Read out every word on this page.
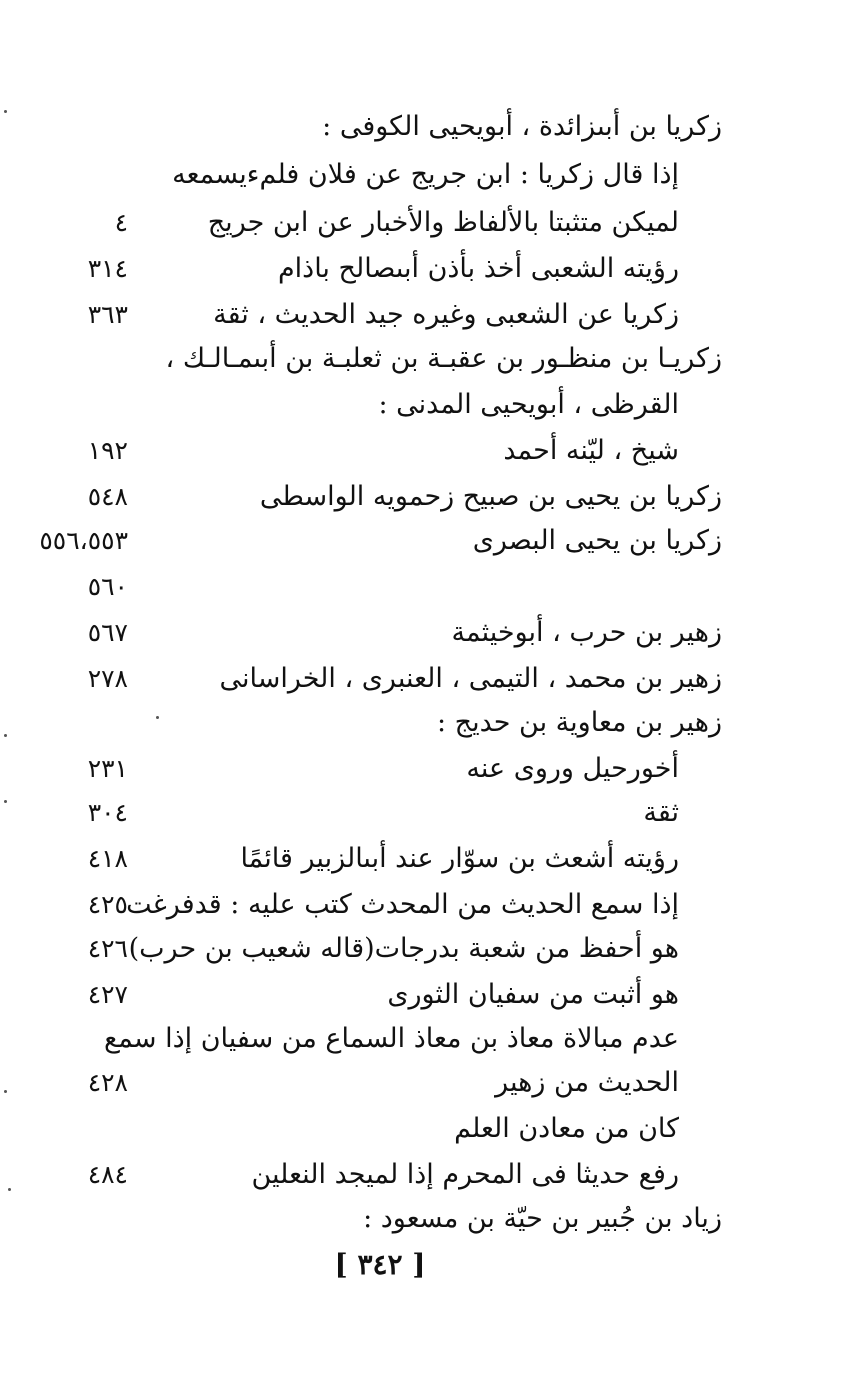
زكريا بن أبىزائدة ، أبويحيى الكوفى :
إذا قال زكريا : ابن جريج عن فلان فلمءيسمعه
لميكن متثبتا بالألفاظ والأخبار عن ابن جريج
٤
رؤيته الشعبى أخذ بأذن أبىصالح باذام
٣١٤
زكريا عن الشعبى وغيره جيد الحديث ، ثقة
٣٦٣
زكريـا بن منظـور بن عقبـة بن ثعلبـة بن أبىمـالـك ،
القرظى ، أبويحيى المدنى :
شيخ ، ليّنه أحمد
١٩٢
زكريا بن يحيى بن صبيح زحمويه الواسطى
٥٤٨
زكريا بن يحيى البصرى
٥٥٦،٥٥٣
٥٦٠
زهير بن حرب ، أبوخيثمة
٥٦٧
زهير بن محمد ، التيمى ، العنبرى ، الخراسانى
٢٧٨
زهير بن معاوية بن حديج :
أخورحيل وروى عنه
٢٣١
ثقة
٣٠٤
رؤيته أشعث بن سوّار عند أبىالزبير قائمًا
٤١٨
إذا سمع الحديث من المحدث كتب عليه : قدفرغت
٤٢٥
هو أحفظ من شعبة بدرجات(قاله شعيب بن حرب)
٤٢٦
هو أثبت من سفيان الثورى
٤٢٧
عدم مبالاة معاذ بن معاذ السماع من سفيان إذا سمع
الحديث من زهير
٤٢٨
كان من معادن العلم
رفع حديثا فى المحرم إذا لميجد النعلين
٤٨٤
زياد بن جُبير بن حيّة بن مسعود :
[ ٣٤٢ ]
